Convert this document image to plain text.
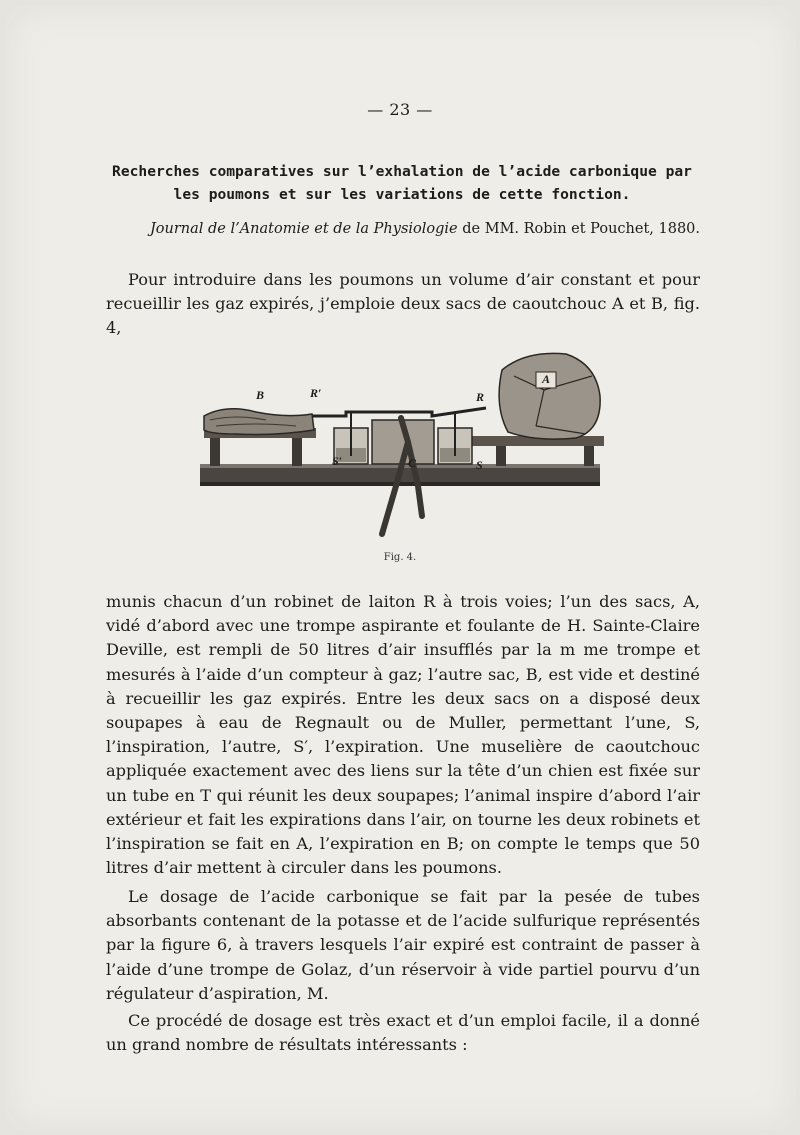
— 23 —
Recherches comparatives sur l’exhalation de l’acide carbonique par les poumons et sur les variations de cette fonction.
Journal de l’Anatomie et de la Physiologie de MM. Robin et Pouchet, 1880.
Pour introduire dans les poumons un volume d’air constant et pour recueillir les gaz expirés, j’emploie deux sacs de caoutchouc A et B, fig. 4,
B	R′	R
A
S′	C	S
Fig. 4.
munis chacun d’un robinet de laiton R à trois voies; l’un des sacs, A, vidé d’abord avec une trompe aspirante et foulante de H. Sainte-Claire Deville, est rempli de 50 litres d’air insufflés par la m me trompe et mesurés à l’aide d’un compteur à gaz; l’autre sac, B, est vide et destiné à recueillir les gaz expirés. Entre les deux sacs on a disposé deux soupapes à eau de Regnault ou de Muller, permettant l’une, S, l’inspiration, l’autre, S′, l’expiration. Une muselière de caoutchouc appliquée exactement avec des liens sur la tête d’un chien est fixée sur un tube en T qui réunit les deux soupapes; l’animal inspire d’abord l’air extérieur et fait les expirations dans l’air, on tourne les deux robinets et l’inspiration se fait en A, l’expiration en B; on compte le temps que 50 litres d’air mettent à circuler dans les poumons.
Le dosage de l’acide carbonique se fait par la pesée de tubes absorbants contenant de la potasse et de l’acide sulfurique représentés par la figure 6, à travers lesquels l’air expiré est contraint de passer à l’aide d’une trompe de Golaz, d’un réservoir à vide partiel pourvu d’un régulateur d’aspiration, M.
Ce procédé de dosage est très exact et d’un emploi facile, il a donné un grand nombre de résultats intéressants :
